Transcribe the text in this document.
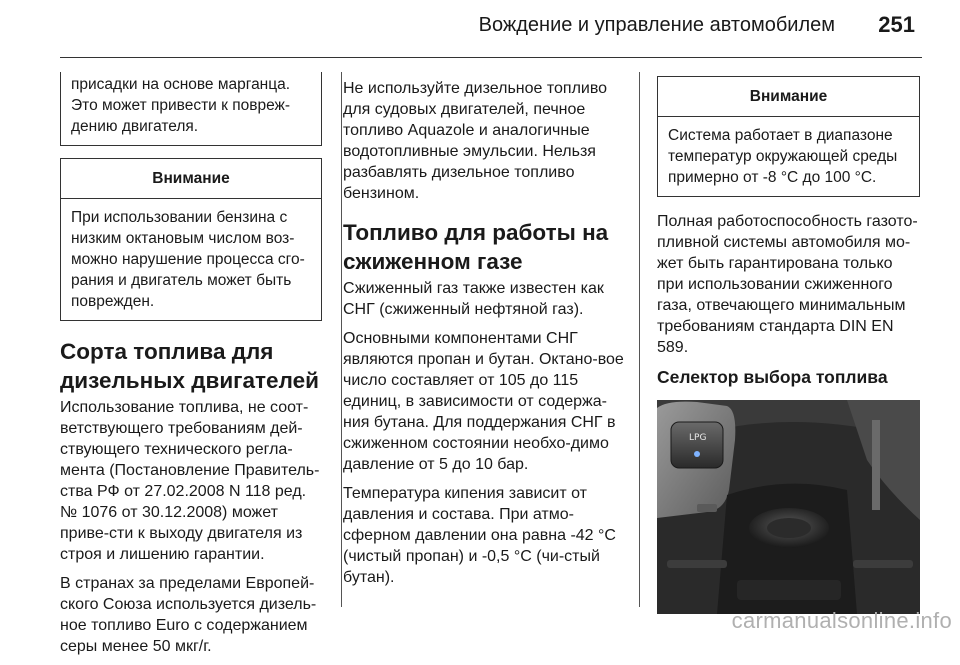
Вождение и управление автомобилем 251
присадки на основе марганца. Это может привести к повреж-дению двигателя.
Внимание
При использовании бензина с низким октановым числом воз-можно нарушение процесса сго-рания и двигатель может быть поврежден.
Сорта топлива для дизельных двигателей

Использование топлива, не соот-ветствующего требованиям дей-ствующего технического регла-мента (Постановление Правитель-ства РФ от 27.02.2008 N 118 ред. № 1076 от 30.12.2008) может приве-сти к выходу двигателя из строя и лишению гарантии.

В странах за пределами Европей-ского Союза используется дизель-ное топливо Euro с содержанием серы менее 50 мкг/г.

Не используйте дизельное топливо для судовых двигателей, печное топливо Aquazole и аналогичные водотопливные эмульсии. Нельзя разбавлять дизельное топливо бензином.

Топливо для работы на сжиженном газе

Сжиженный газ также известен как СНГ (сжиженный нефтяной газ).

Основными компонентами СНГ являются пропан и бутан. Октано-вое число составляет от 105 до 115 единиц, в зависимости от содержа-ния бутана. Для поддержания СНГ в сжиженном состоянии необхо-димо давление от 5 до 10 бар.

Температура кипения зависит от давления и состава. При атмо-сферном давлении она равна -42 °C (чистый пропан) и -0,5 °C (чи-стый бутан).

Внимание
Система работает в диапазоне температур окружающей среды примерно от -8 °C до 100 °C.

Полная работоспособность газото-пливной системы автомобиля мо-жет быть гарантирована только при использовании сжиженного газа, отвечающего минимальным требованиям стандарта DIN EN 589.

Селектор выбора топлива
LPG
carmanualsonline.info
